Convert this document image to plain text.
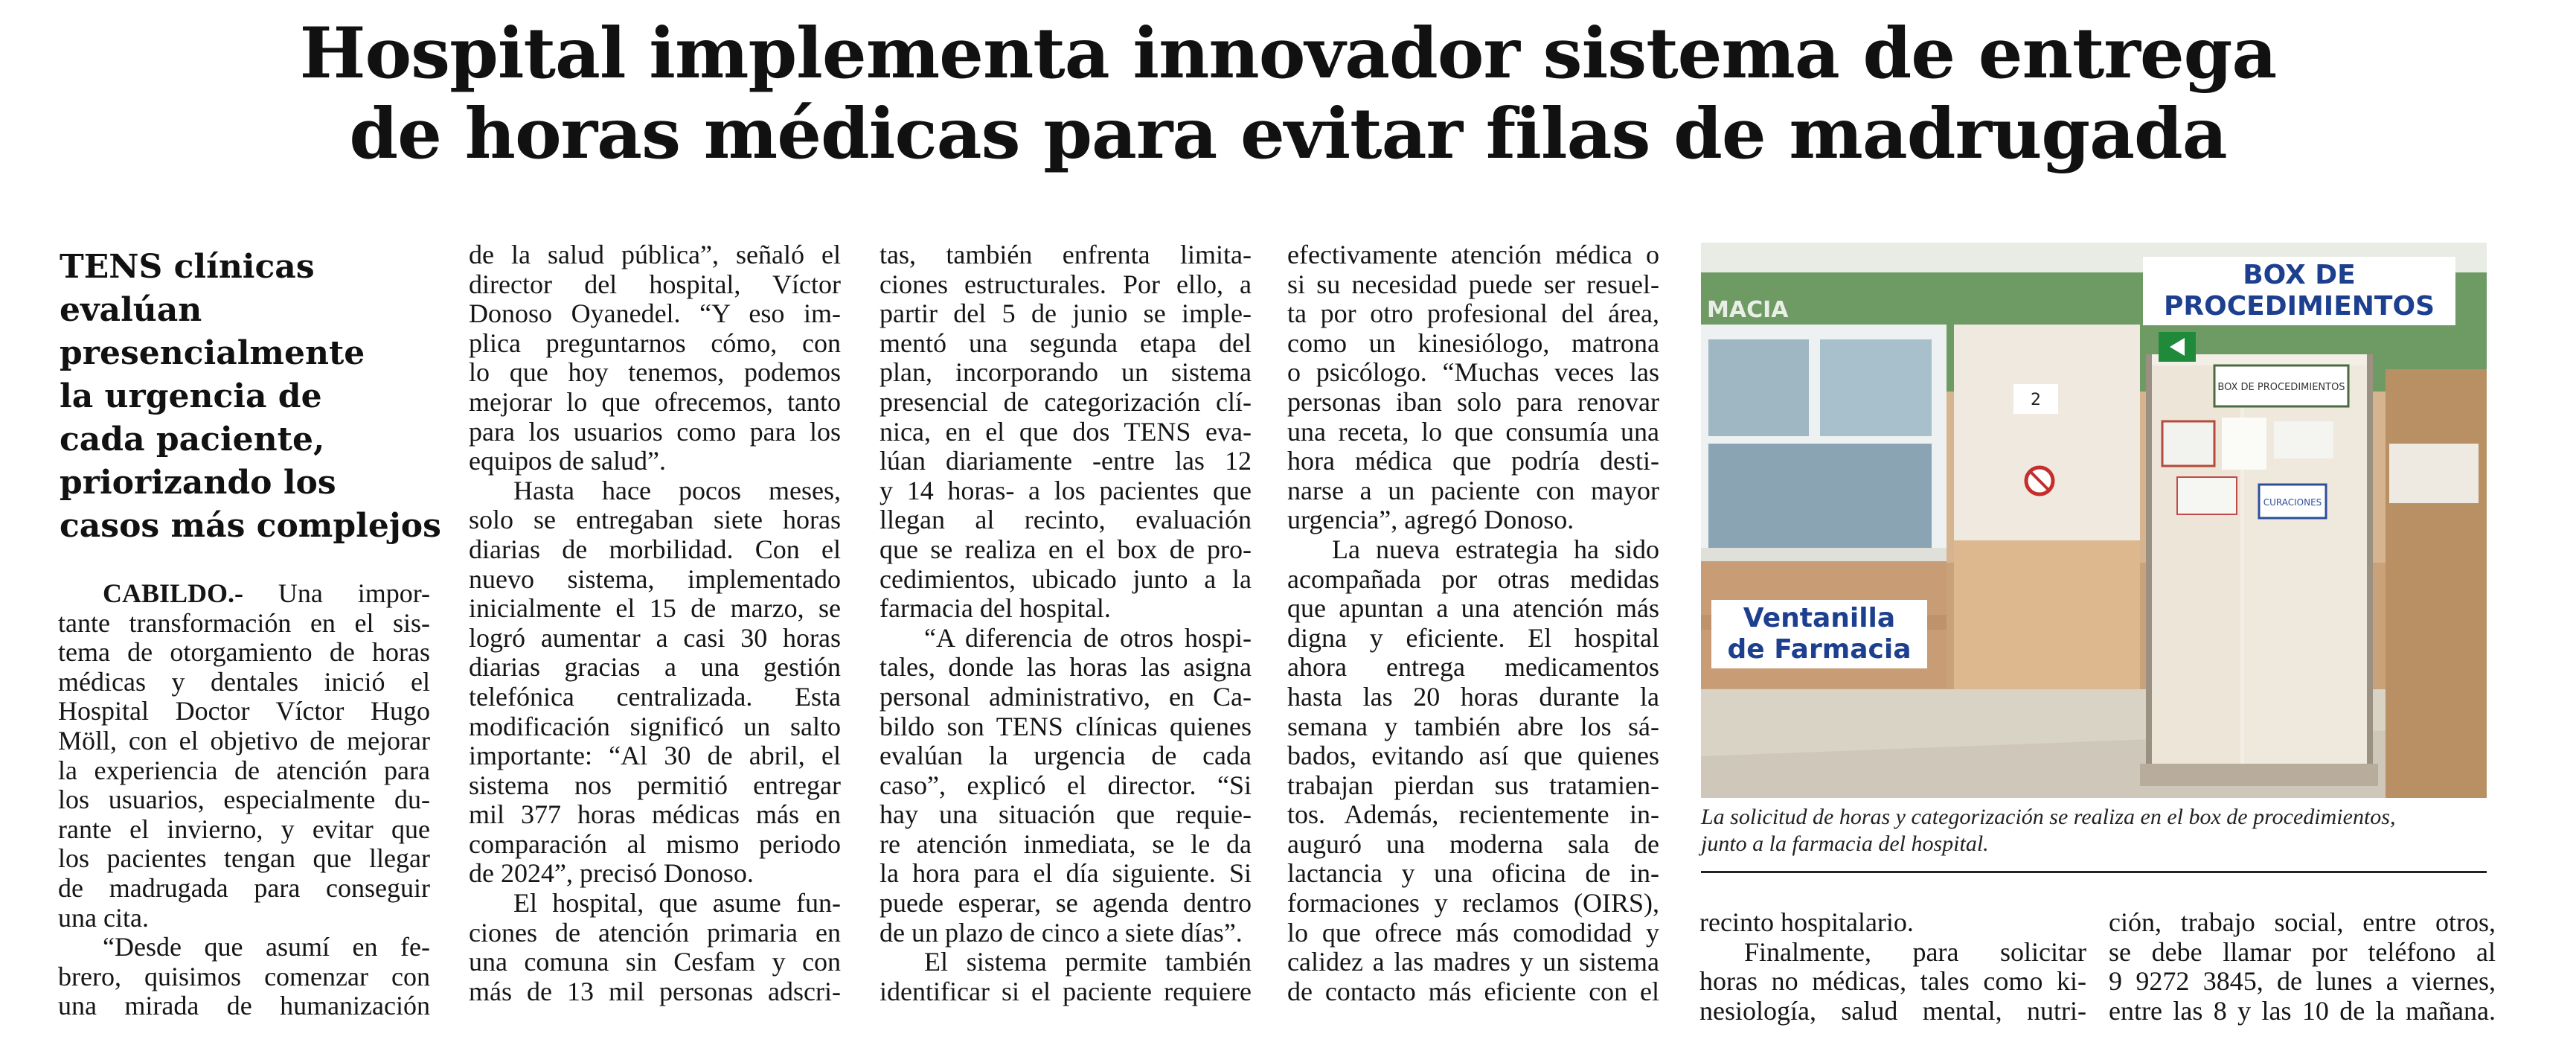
Hospital implementa innovador sistema de entrega
de horas médicas para evitar filas de madrugada
TENS clínicas
evalúan
presencialmente
la urgencia de
cada paciente,
priorizando los
casos más complejos
CABILDO.- Una impor-
tante transformación en el sis-
tema de otorgamiento de horas
médicas y dentales inició el
Hospital Doctor Víctor Hugo
Möll, con el objetivo de mejorar
la experiencia de atención para
los usuarios, especialmente du-
rante el invierno, y evitar que
los pacientes tengan que llegar
de madrugada para conseguir
una cita.
“Desde que asumí en fe-
brero, quisimos comenzar con
una mirada de humanización
de la salud pública”, señaló el
director del hospital, Víctor
Donoso Oyanedel. “Y eso im-
plica preguntarnos cómo, con
lo que hoy tenemos, podemos
mejorar lo que ofrecemos, tanto
para los usuarios como para los
equipos de salud”.
Hasta hace pocos meses,
solo se entregaban siete horas
diarias de morbilidad. Con el
nuevo sistema, implementado
inicialmente el 15 de marzo, se
logró aumentar a casi 30 horas
diarias gracias a una gestión
telefónica centralizada. Esta
modificación significó un salto
importante: “Al 30 de abril, el
sistema nos permitió entregar
mil 377 horas médicas más en
comparación al mismo periodo
de 2024”, precisó Donoso.
El hospital, que asume fun-
ciones de atención primaria en
una comuna sin Cesfam y con
más de 13 mil personas adscri-
tas, también enfrenta limita-
ciones estructurales. Por ello, a
partir del 5 de junio se imple-
mentó una segunda etapa del
plan, incorporando un sistema
presencial de categorización clí-
nica, en el que dos TENS eva-
lúan diariamente -entre las 12
y 14 horas- a los pacientes que
llegan al recinto, evaluación
que se realiza en el box de pro-
cedimientos, ubicado junto a la
farmacia del hospital.
“A diferencia de otros hospi-
tales, donde las horas las asigna
personal administrativo, en Ca-
bildo son TENS clínicas quienes
evalúan la urgencia de cada
caso”, explicó el director. “Si
hay una situación que requie-
re atención inmediata, se le da
la hora para el día siguiente. Si
puede esperar, se agenda dentro
de un plazo de cinco a siete días”.
El sistema permite también
identificar si el paciente requiere
efectivamente atención médica o
si su necesidad puede ser resuel-
ta por otro profesional del área,
como un kinesiólogo, matrona
o psicólogo. “Muchas veces las
personas iban solo para renovar
una receta, lo que consumía una
hora médica que podría desti-
narse a un paciente con mayor
urgencia”, agregó Donoso.
La nueva estrategia ha sido
acompañada por otras medidas
que apuntan a una atención más
digna y eficiente. El hospital
ahora entrega medicamentos
hasta las 20 horas durante la
semana y también abre los sá-
bados, evitando así que quienes
trabajan pierdan sus tratamien-
tos. Además, recientemente in-
auguró una moderna sala de
lactancia y una oficina de in-
formaciones y reclamos (OIRS),
lo que ofrece más comodidad y
calidez a las madres y un sistema
de contacto más eficiente con el
MACIA
BOX DE PROCEDIMIENTOS
CURACIONES
2
BOX DE
PROCEDIMIENTOS
Ventanilla
de Farmacia
La solicitud de horas y categorización se realiza en el box de procedimientos,
junto a la farmacia del hospital.
recinto hospitalario.
Finalmente, para solicitar
horas no médicas, tales como ki-
nesiología, salud mental, nutri-
ción, trabajo social, entre otros,
se debe llamar por teléfono al
9 9272 3845, de lunes a viernes,
entre las 8 y las 10 de la mañana.
